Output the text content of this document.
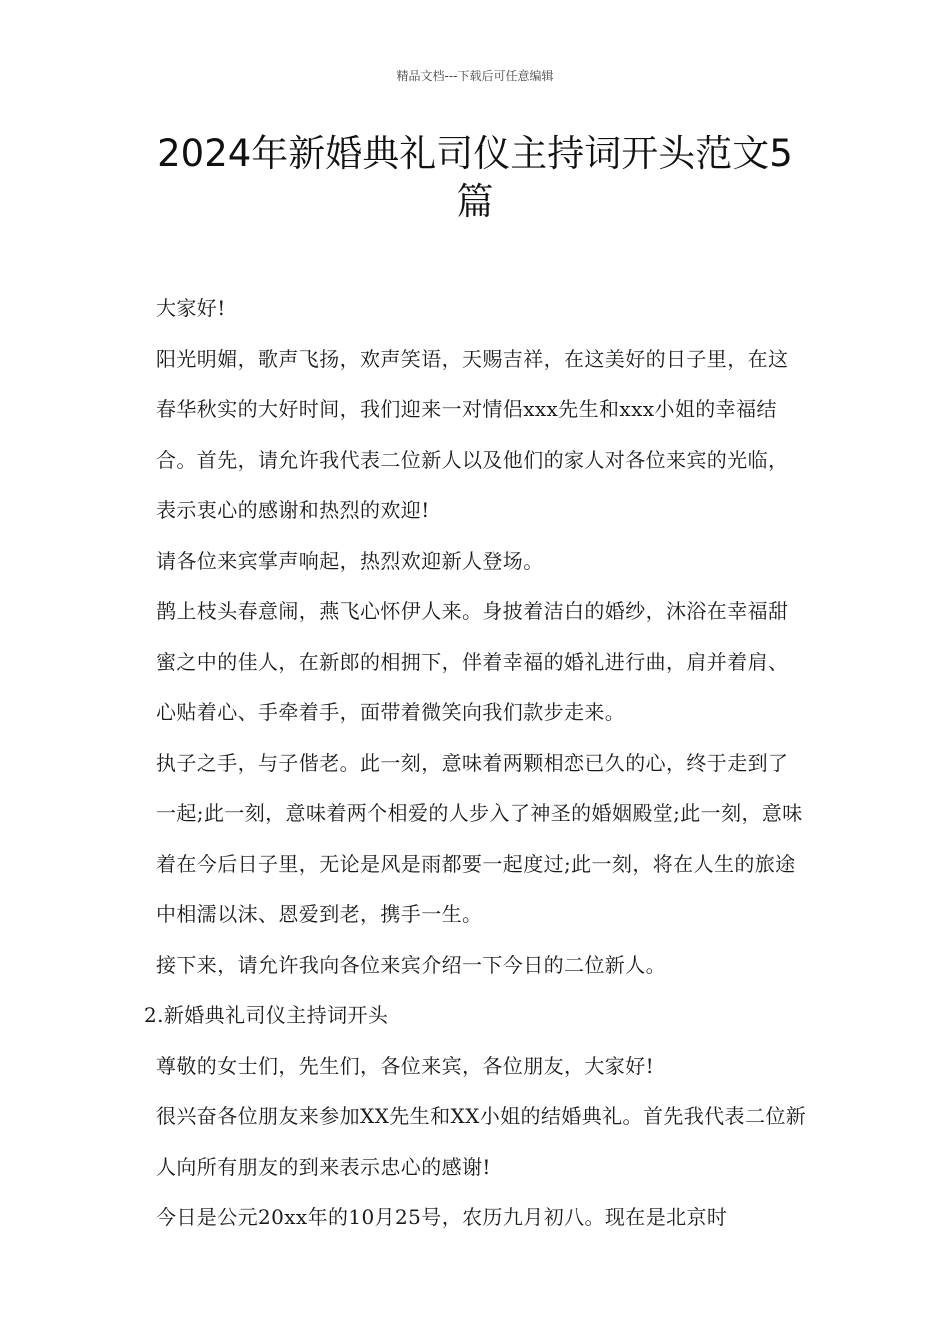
精品文档---下载后可任意编辑
2024年新婚典礼司仪主持词开头范文5篇

大家好!

阳光明媚，歌声飞扬，欢声笑语，天赐吉祥，在这美好的日子里，在这春华秋实的大好时间，我们迎来一对情侣xxx先生和xxx小姐的幸福结合。首先，请允许我代表二位新人以及他们的家人对各位来宾的光临，表示衷心的感谢和热烈的欢迎!

请各位来宾掌声响起，热烈欢迎新人登场。

鹊上枝头春意闹，燕飞心怀伊人来。身披着洁白的婚纱，沐浴在幸福甜蜜之中的佳人，在新郎的相拥下，伴着幸福的婚礼进行曲，肩并着肩、心贴着心、手牵着手，面带着微笑向我们款步走来。

执子之手，与子偕老。此一刻，意味着两颗相恋已久的心，终于走到了一起;此一刻，意味着两个相爱的人步入了神圣的婚姻殿堂;此一刻，意味着在今后日子里，无论是风是雨都要一起度过;此一刻，将在人生的旅途中相濡以沫、恩爱到老，携手一生。

接下来，请允许我向各位来宾介绍一下今日的二位新人。

2.新婚典礼司仪主持词开头

尊敬的女士们，先生们，各位来宾，各位朋友，大家好!

很兴奋各位朋友来参加XX先生和XX小姐的结婚典礼。首先我代表二位新人向所有朋友的到来表示忠心的感谢!

今日是公元20xx年的10月25号，农历九月初八。现在是北京时
